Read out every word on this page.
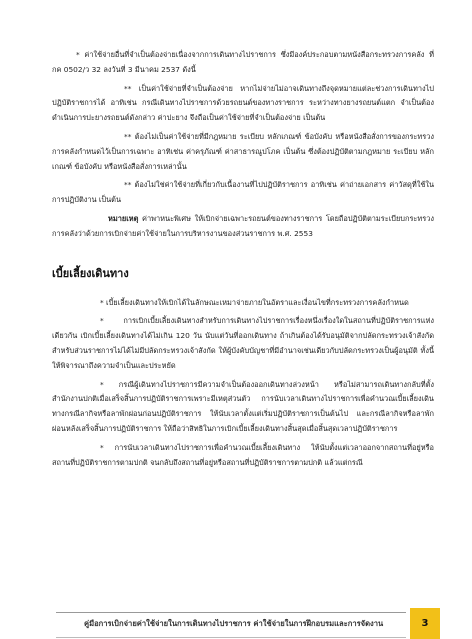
* ค่าใช้จ่ายอื่นที่จำเป็นต้องจ่ายเนื่องจากการเดินทางไปราชการ ซึ่งมีองค์ประกอบตามหนังสือกระทรวงการคลัง ที่ กค 0502/ว 32 ลงวันที่ 3 มีนาคม 2537 ดังนี้

** เป็นค่าใช้จ่ายที่จำเป็นต้องจ่าย หากไม่จ่ายไม่อาจเดินทางถึงจุดหมายแต่ละช่วงการเดินทางไปปฏิบัติราชการได้ อาทิเช่น กรณีเดินทางไปราชการด้วยรถยนต์ของทางราชการ ระหว่างทางยางรถยนต์แตก จำเป็นต้องดำเนินการปะยางรถยนต์ดังกล่าว ค่าปะยาง จึงถือเป็นค่าใช้จ่ายที่จำเป็นต้องจ่าย เป็นต้น

** ต้องไม่เป็นค่าใช้จ่ายที่มีกฎหมาย ระเบียบ หลักเกณฑ์ ข้อบังคับ หรือหนังสือสั่งการของกระทรวงการคลังกำหนดไว้เป็นการเฉพาะ อาทิเช่น ค่าครุภัณฑ์ ค่าสาธารณูปโภค เป็นต้น ซึ่งต้องปฏิบัติตามกฎหมาย ระเบียบ หลักเกณฑ์ ข้อบังคับ หรือหนังสือสั่งการเหล่านั้น

** ต้องไม่ใช่ค่าใช้จ่ายที่เกี่ยวกับเนื้องานที่ไปปฏิบัติราชการ อาทิเช่น ค่าถ่ายเอกสาร ค่าวัสดุที่ใช้ในการปฏิบัติงาน เป็นต้น

หมายเหตุ ค่าพาหนะพิเศษ ให้เบิกจ่ายเฉพาะรถยนต์ของทางราชการ โดยถือปฏิบัติตามระเบียบกระทรวงการคลังว่าด้วยการเบิกจ่ายค่าใช้จ่ายในการบริหารงานของส่วนราชการ พ.ศ. 2553

เบี้ยเลี้ยงเดินทาง

* เบี้ยเลี้ยงเดินทางให้เบิกได้ในลักษณะเหมาจ่ายภายในอัตราและเงื่อนไขที่กระทรวงการคลังกำหนด

* การเบิกเบี้ยเลี้ยงเดินทางสำหรับการเดินทางไปราชการเรื่องหนึ่งเรื่องใดในสถานที่ปฏิบัติราชการแห่งเดียวกัน เบิกเบี้ยเลี้ยงเดินทางได้ไม่เกิน 120 วัน นับแต่วันที่ออกเดินทาง ถ้าเกินต้องได้รับอนุมัติจากปลัดกระทรวงเจ้าสังกัด สำหรับส่วนราชการไม่ได้ไม่มีปลัดกระทรวงเจ้าสังกัด ให้ผู้บังคับบัญชาที่มีอำนาจเช่นเดียวกับปลัดกระทรวงเป็นผู้อนุมัติ ทั้งนี้ ให้พิจารณาถึงความจำเป็นและประหยัด

* กรณีผู้เดินทางไปราชการมีความจำเป็นต้องออกเดินทางล่วงหน้า หรือไม่สามารถเดินทางกลับที่ตั้งสำนักงานปกติเมื่อเสร็จสิ้นการปฏิบัติราชการเพราะมีเหตุส่วนตัว การนับเวลาเดินทางไปราชการเพื่อคำนวณเบี้ยเลี้ยงเดินทางกรณีลากิจหรือลาพักผ่อนก่อนปฏิบัติราชการ ให้นับเวลาตั้งแต่เริ่มปฏิบัติราชการเป็นต้นไป และกรณีลากิจหรือลาพักผ่อนหลังเสร็จสิ้นการปฏิบัติราชการ ให้ถือว่าสิทธิในการเบิกเบี้ยเลี้ยงเดินทางสิ้นสุดเมื่อสิ้นสุดเวลาปฏิบัติราชการ

* การนับเวลาเดินทางไปราชการเพื่อคำนวณเบี้ยเลี้ยงเดินทาง ให้นับตั้งแต่เวลาออกจากสถานที่อยู่หรือสถานที่ปฏิบัติราชการตามปกติ จนกลับถึงสถานที่อยู่หรือสถานที่ปฏิบัติราชการตามปกติ แล้วแต่กรณี

คู่มือการเบิกจ่ายค่าใช้จ่ายในการเดินทางไปราชการ ค่าใช้จ่ายในการฝึกอบรมและการจัดงาน	3
